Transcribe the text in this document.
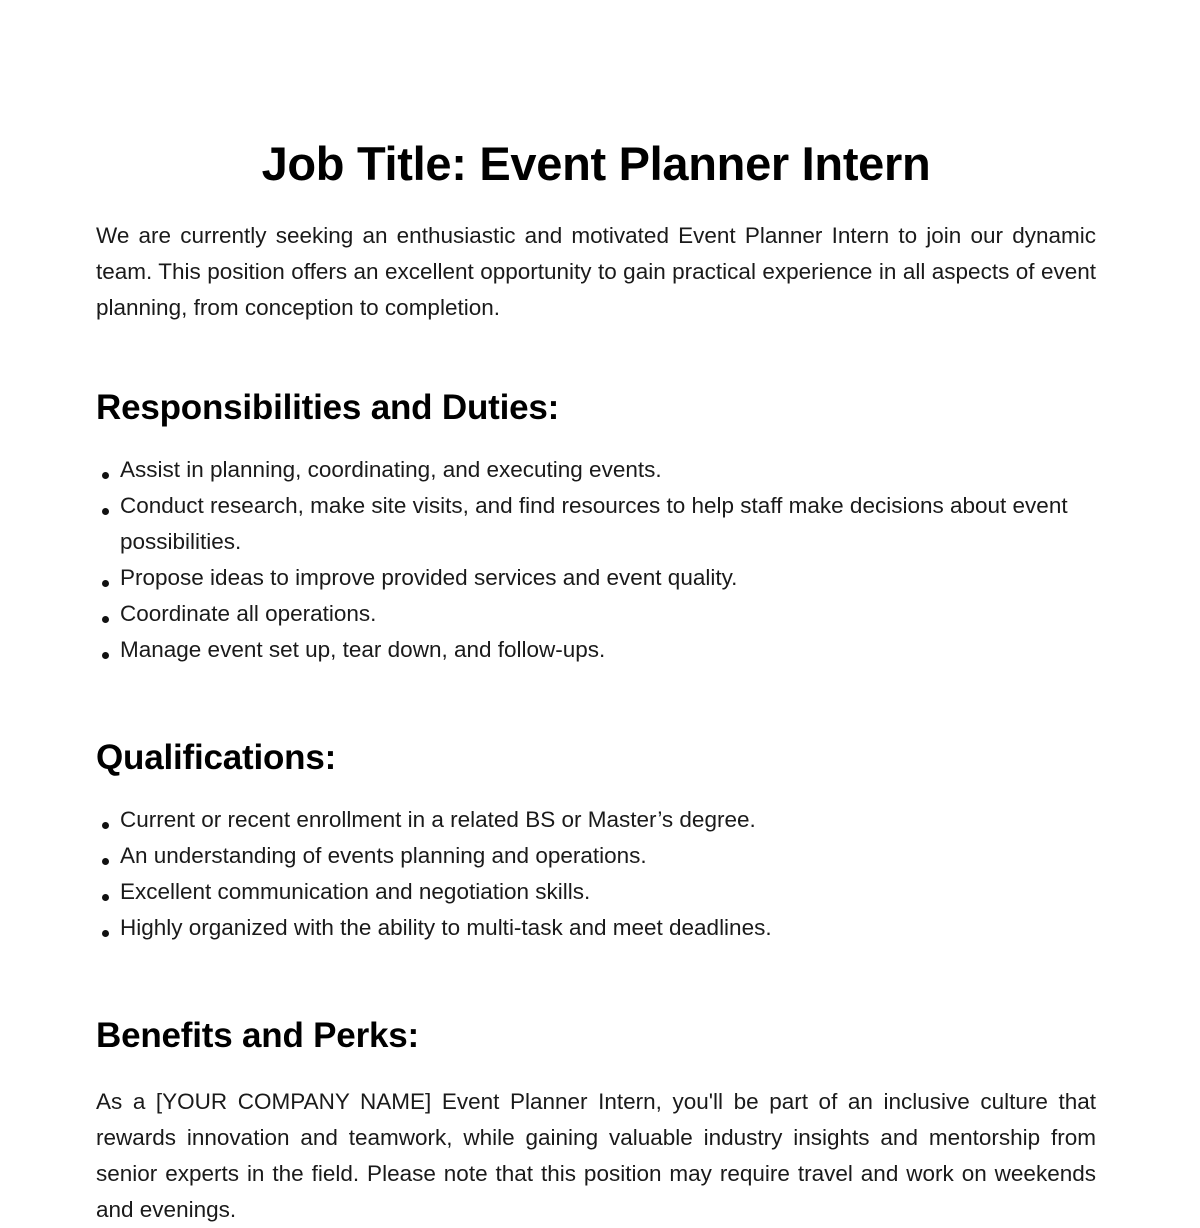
Job Title: Event Planner Intern

We are currently seeking an enthusiastic and motivated Event Planner Intern to join our dynamic team. This position offers an excellent opportunity to gain practical experience in all aspects of event planning, from conception to completion.

Responsibilities and Duties:
Assist in planning, coordinating, and executing events.
Conduct research, make site visits, and find resources to help staff make decisions about event possibilities.
Propose ideas to improve provided services and event quality.
Coordinate all operations.
Manage event set up, tear down, and follow-ups.
Qualifications:
Current or recent enrollment in a related BS or Master’s degree.
An understanding of events planning and operations.
Excellent communication and negotiation skills.
Highly organized with the ability to multi-task and meet deadlines.
Benefits and Perks:

As a [YOUR COMPANY NAME] Event Planner Intern, you'll be part of an inclusive culture that rewards innovation and teamwork, while gaining valuable industry insights and mentorship from senior experts in the field. Please note that this position may require travel and work on weekends and evenings.
